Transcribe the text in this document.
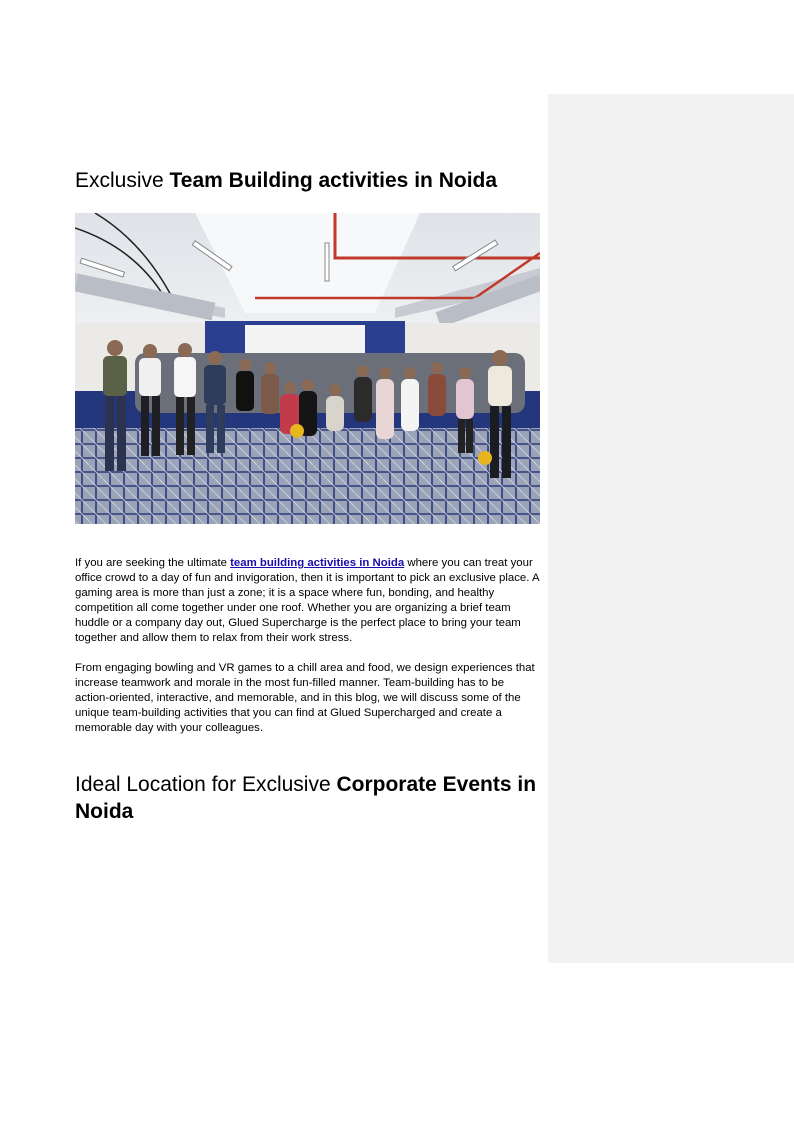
Exclusive Team Building activities in Noida

If you are seeking the ultimate team building activities in Noida where you can treat your office crowd to a day of fun and invigoration, then it is important to pick an exclusive place. A gaming area is more than just a zone; it is a space where fun, bonding, and healthy competition all come together under one roof. Whether you are organizing a brief team huddle or a company day out, Glued Supercharge is the perfect place to bring your team together and allow them to relax from their work stress.

From engaging bowling and VR games to a chill area and food, we design experiences that increase teamwork and morale in the most fun-filled manner. Team-building has to be action-oriented, interactive, and memorable, and in this blog, we will discuss some of the unique team-building activities that you can find at Glued Supercharged and create a memorable day with your colleagues.

Ideal Location for Exclusive Corporate Events in Noida
